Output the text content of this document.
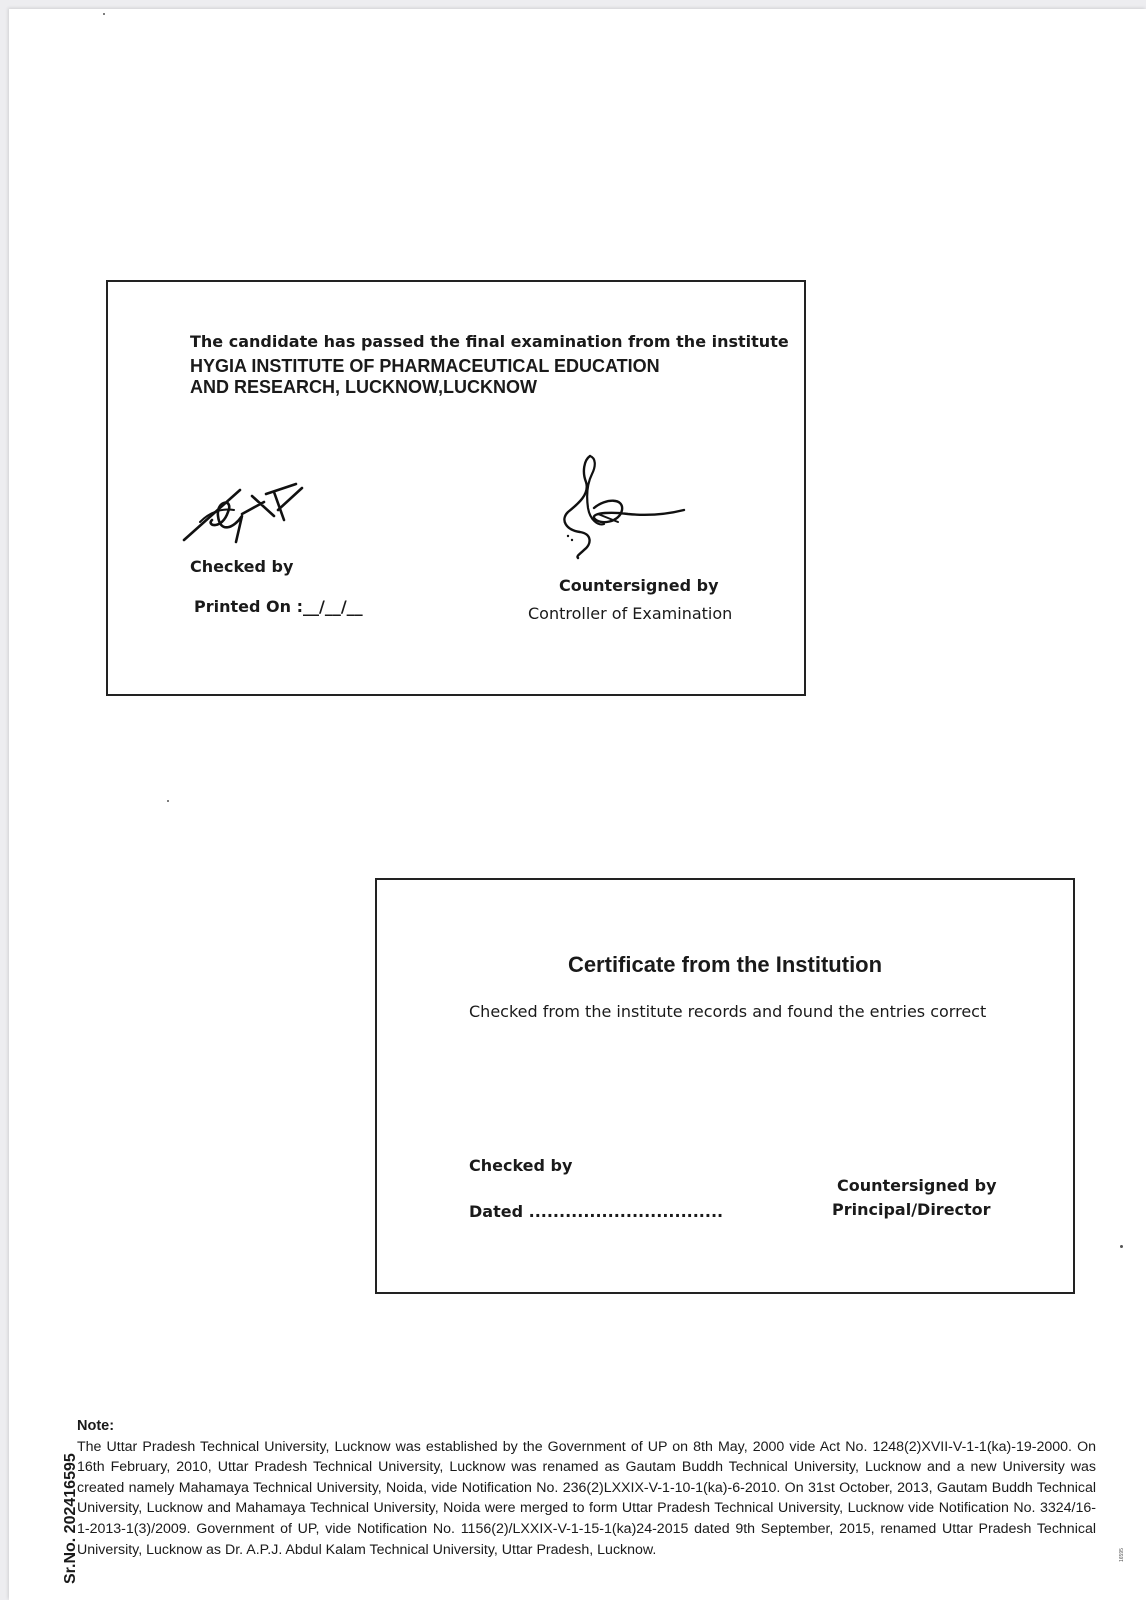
The candidate has passed the final examination from the institute
HYGIA INSTITUTE OF PHARMACEUTICAL EDUCATION
AND RESEARCH, LUCKNOW,LUCKNOW
Checked by
Printed On :__/__/__
Countersigned by
Controller of Examination
Certificate from the Institution
Checked from the institute records and found the entries correct
Checked by
Dated ................................
Countersigned by
Principal/Director
Note:
The Uttar Pradesh Technical University, Lucknow was established by the Government of UP on 8th May, 2000 vide Act No. 1248(2)XVII-V-1-1(ka)-19-2000. On 16th February, 2010, Uttar Pradesh Technical University, Lucknow was renamed as Gautam Buddh Technical University, Lucknow and a new University was created namely Mahamaya Technical University, Noida, vide Notification No. 236(2)LXXIX-V-1-10-1(ka)-6-2010. On 31st October, 2013, Gautam Buddh Technical University, Lucknow and Mahamaya Technical University, Noida were merged to form Uttar Pradesh Technical University, Lucknow vide Notification No. 3324/16-1-2013-1(3)/2009. Government of UP, vide Notification No. 1156(2)/LXXIX-V-1-15-1(ka)24-2015 dated 9th September, 2015, renamed Uttar Pradesh Technical University, Lucknow as Dr. A.P.J. Abdul Kalam Technical University, Uttar Pradesh, Lucknow.
Sr.No. 202416595	16595
